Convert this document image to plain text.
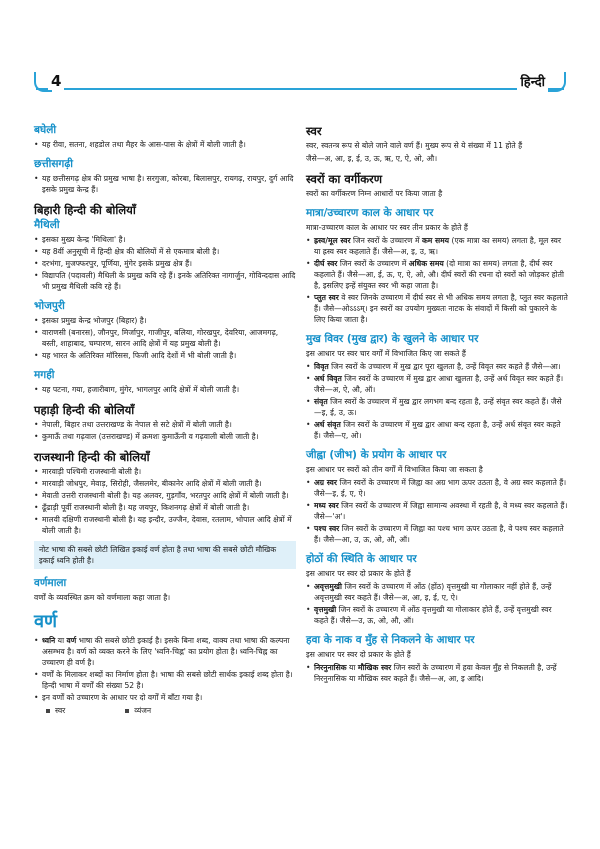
4	हिन्दी
बघेली
• यह रीवा, सतना, शहडोल तथा मैहर के आस-पास के क्षेत्रों में बोली जाती है।
छत्तीसगढ़ी
• यह छत्तीसगढ़ क्षेत्र की प्रमुख भाषा है। सरगुजा, कोरबा, बिलासपुर, रायगढ़, रायपुर, दुर्ग आदि इसके प्रमुख केन्द्र हैं।
बिहारी हिन्दी की बोलियाँ
मैथिली
• इसका मुख्य केन्द्र 'मिथिला' है।
• यह 8वीं अनुसूची में हिन्दी क्षेत्र की बोलियों में से एकमात्र बोली है।
• दरभंगा, मुजफ्फरपुर, पूर्णिया, मुंगेर इसके प्रमुख क्षेत्र हैं।
• विद्यापति (पदावली) मैथिली के प्रमुख कवि रहे हैं। इनके अतिरिक्त नागार्जुन, गोविन्ददास आदि भी प्रमुख मैथिली कवि रहे हैं।
भोजपुरी
• इसका प्रमुख केन्द्र भोजपुर (बिहार) है।
• वाराणसी (बनारस), जौनपुर, मिर्जापुर, गाजीपुर, बलिया, गोरखपुर, देवरिया, आजमगढ़, बस्ती, शाहाबाद, चम्पारण, सारन आदि क्षेत्रों में यह प्रमुख बोली है।
• यह भारत के अतिरिक्त मॉरिसस, फिजी आदि देशों में भी बोली जाती है।
मगही
• यह पटना, गया, हजारीबाग, मुंगेर, भागलपुर आदि क्षेत्रों में बोली जाती है।
पहाड़ी हिन्दी की बोलियाँ
• नेपाली, बिहार तथा उत्तराखण्ड के नेपाल से सटे क्षेत्रों में बोली जाती है।
• कुमाऊँ तथा गढ़वाल (उत्तराखण्ड) में क्रमशः कुमाऊँनी व गढ़वाली बोली जाती है।
राजस्थानी हिन्दी की बोलियाँ
• मारवाड़ी पश्चिमी राजस्थानी बोली है।
• मारवाड़ी जोधपुर, मेवाड़, सिरोही, जैसलमेर, बीकानेर आदि क्षेत्रों में बोली जाती है।
• मेवाती उत्तरी राजस्थानी बोली है। यह अलवर, गुड़गाँव, भरतपुर आदि क्षेत्रों में बोली जाती है।
• ढूँढाड़ी पूर्वी राजस्थानी बोली है। यह जयपुर, किशनगढ़ क्षेत्रों में बोली जाती है।
• मालवी दक्षिणी राजस्थानी बोली है। यह इन्दौर, उज्जैन, देवास, रतलाम, भोपाल आदि क्षेत्रों में बोली जाती है।
नोट भाषा की सबसे छोटी लिखित इकाई वर्ण होता है तथा भाषा की सबसे छोटी मौखिक इकाई ध्वनि होती है।
वर्णमाला

वर्णों के व्यवस्थित क्रम को वर्णमाला कहा जाता है।

वर्ण
• ध्वनि या वर्ण भाषा की सबसे छोटी इकाई है। इसके बिना शब्द, वाक्य तथा भाषा की कल्पना असम्भव है। वर्ण को व्यक्त करने के लिए 'ध्वनि-चिह्न' का प्रयोग होता है। ध्वनि-चिह्न का उच्चारण ही वर्ण है।
• वर्णों के मिलाकर शब्दों का निर्माण होता है। भाषा की सबसे छोटी सार्थक इकाई शब्द होता है। हिन्दी भाषा में वर्णों की संख्या 52 है।
• इन वर्णों को उच्चारण के आधार पर दो वर्गों में बाँटा गया है।
स्वर	व्यंजन
स्वर

स्वर, स्वतन्त्र रूप से बोले जाने वाले वर्ण हैं। मुख्य रूप से ये संख्या में 11 होते हैं

जैसे—अ, आ, इ, ई, उ, ऊ, ऋ, ए, ऐ, ओ, औ।

स्वरों का वर्गीकरण

स्वरों का वर्गीकरण निम्न आधारों पर किया जाता है

मात्रा/उच्चारण काल के आधार पर

मात्रा-उच्चारण काल के आधार पर स्वर तीन प्रकार के होते हैं

• ह्रस्व/मूल स्वर जिन स्वरों के उच्चारण में कम समय (एक मात्रा का समय) लगता है, मूल स्वर या ह्रस्व स्वर कहलाते हैं। जैसे—अ, इ, उ, ऋ।
• दीर्घ स्वर जिन स्वरों के उच्चारण में अधिक समय (दो मात्रा का समय) लगता है, दीर्घ स्वर कहलाते हैं। जैसे—आ, ई, ऊ, ए, ऐ, ओ, औ। दीर्घ स्वरों की रचना दो स्वरों को जोड़कर होती है, इसलिए इन्हें संयुक्त स्वर भी कहा जाता है।
• प्लुत स्वर वे स्वर जिनके उच्चारण में दीर्घ स्वर से भी अधिक समय लगता है, प्लुत स्वर कहलाते हैं। जैसे—ओऽऽऽम्। इन स्वरों का उपयोग मुख्यतः नाटक के संवादों में किसी को पुकारने के लिए किया जाता है।
मुख विवर (मुख द्वार) के खुलने के आधार पर

इस आधार पर स्वर चार वर्गों में विभाजित किए जा सकते हैं

• विवृत जिन स्वरों के उच्चारण में मुख द्वार पूरा खुलता है, उन्हें विवृत स्वर कहते हैं जैसे—आ।
• अर्ध विवृत जिन स्वरों के उच्चारण में मुख द्वार आधा खुलता है, उन्हें अर्ध विवृत स्वर कहते हैं। जैसे—अ, ऐ, औ, ऑ।
• संवृत जिन स्वरों के उच्चारण में मुख द्वार लगभग बन्द रहता है, उन्हें संवृत स्वर कहते हैं। जैसे—इ, ई, उ, ऊ।
• अर्ध संवृत जिन स्वरों के उच्चारण में मुख द्वार आधा बन्द रहता है, उन्हें अर्ध संवृत स्वर कहते हैं। जैसे—ए, ओ।
जीह्वा (जीभ) के प्रयोग के आधार पर

इस आधार पर स्वरों को तीन वर्गों में विभाजित किया जा सकता है

• अग्र स्वर जिन स्वरों के उच्चारण में जिह्वा का अग्र भाग ऊपर उठता है, वे अग्र स्वर कहलाते हैं। जैसे—इ, ई, ए, ऐ।
• मध्य स्वर जिन स्वरों के उच्चारण में जिह्वा सामान्य अवस्था में रहती है, वे मध्य स्वर कहलाते हैं। जैसे—'अ'।
• पश्च स्वर जिन स्वरों के उच्चारण में जिह्वा का पश्च भाग ऊपर उठता है, वे पश्च स्वर कहलाते हैं। जैसे—आ, उ, ऊ, ओ, औ, ऑ।
होठों की स्थिति के आधार पर

इस आधार पर स्वर दो प्रकार के होते हैं

• अवृत्तमुखी जिन स्वरों के उच्चारण में ओंठ (होंठ) वृत्तमुखी या गोलाकार नहीं होते हैं, उन्हें अवृत्तमुखी स्वर कहते हैं। जैसे—अ, आ, इ, ई, ए, ऐ।
• वृत्तमुखी जिन स्वरों के उच्चारण में ओंठ वृत्तमुखी या गोलाकार होते हैं, उन्हें वृत्तमुखी स्वर कहते हैं। जैसे—उ, ऊ, ओ, औ, ऑ।
हवा के नाक व मुँह से निकलने के आधार पर

इस आधार पर स्वर दो प्रकार के होते हैं

• निरनुनासिक या मौखिक स्वर जिन स्वरों के उच्चारण में हवा केवल मुँह से निकलती है, उन्हें निरनुनासिक या मौखिक स्वर कहते हैं। जैसे—अ, आ, इ आदि।
